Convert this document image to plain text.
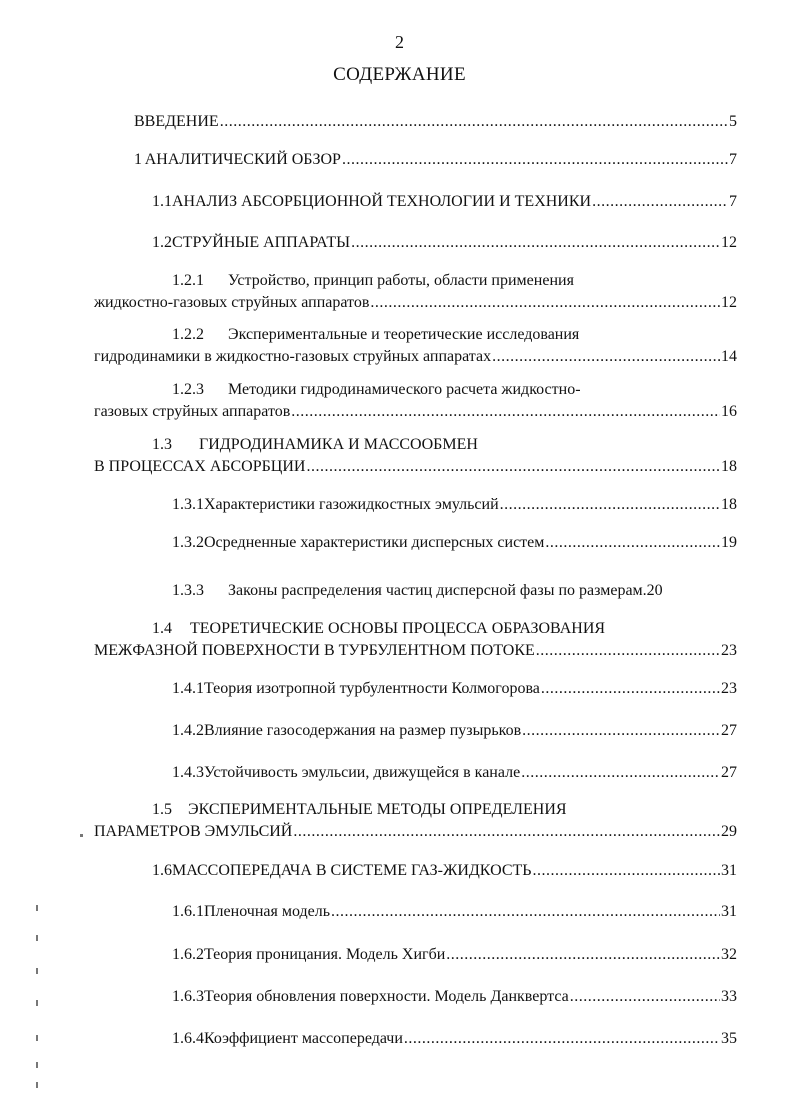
2
СОДЕРЖАНИЕ
ВВЕДЕНИЕ .....	5
1 АНАЛИТИЧЕСКИЙ ОБЗОР .....	7
1.1 АНАЛИЗ АБСОРБЦИОННОЙ ТЕХНОЛОГИИ И ТЕХНИКИ .....	7
1.2 СТРУЙНЫЕ АППАРАТЫ .....	12
1.2.1 Устройство, принцип работы, области применения
жидкостно-газовых струйных аппаратов .....	12
1.2.2 Экспериментальные и теоретические исследования
гидродинамики в жидкостно-газовых струйных аппаратах .....	14
1.2.3 Методики гидродинамического расчета жидкостно-
газовых струйных аппаратов .....	16
1.3 ГИДРОДИНАМИКА И МАССООБМЕН
В ПРОЦЕССАХ АБСОРБЦИИ .....	18
1.3.1 Характеристики газожидкостных эмульсий .....	18
1.3.2 Осредненные характеристики дисперсных систем .....	19
1.3.3	Законы распределения частиц дисперсной фазы по размерам. 20
1.4 ТЕОРЕТИЧЕСКИЕ ОСНОВЫ ПРОЦЕССА ОБРАЗОВАНИЯ
МЕЖФАЗНОЙ ПОВЕРХНОСТИ В ТУРБУЛЕНТНОМ ПОТОКЕ .....	23
1.4.1 Теория изотропной турбулентности Колмогорова .....	23
1.4.2 Влияние газосодержания на размер пузырьков .....	27
1.4.3 Устойчивость эмульсии, движущейся в канале .....	27
1.5 ЭКСПЕРИМЕНТАЛЬНЫЕ МЕТОДЫ ОПРЕДЕЛЕНИЯ
ПАРАМЕТРОВ ЭМУЛЬСИЙ .....	29
1.6 МАССОПЕРЕДАЧА В СИСТЕМЕ ГАЗ-ЖИДКОСТЬ .....	31
1.6.1 Пленочная модель .....	31
1.6.2 Теория проницания. Модель Хигби .....	32
1.6.3 Теория обновления поверхности. Модель Данквертса .....	33
1.6.4 Коэффициент массопередачи .....	35
